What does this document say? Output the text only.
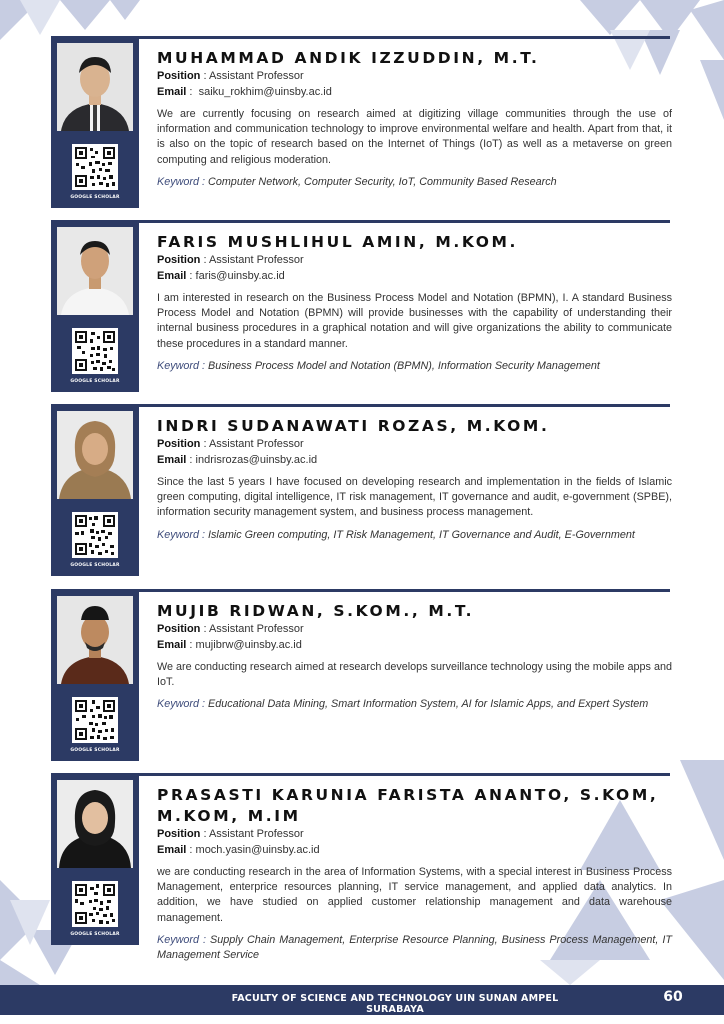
GOOGLE SCHOLAR
MUHAMMAD ANDIK IZZUDDIN, M.T.
Position : Assistant Professor
Email :  saiku_rokhim@uinsby.ac.id
We are currently focusing on research aimed at digitizing village communities through the use of information and communication technology to improve environmental welfare and health. Apart from that, it is also on the topic of research based on the Internet of Things (IoT) as well as a metaverse on green computing and religious moderation.
Keyword : Computer Network, Computer Security, IoT, Community Based Research
GOOGLE SCHOLAR
FARIS MUSHLIHUL AMIN, M.KOM.
Position : Assistant Professor
Email : faris@uinsby.ac.id
I am interested in research on the Business Process Model and Notation (BPMN), I. A standard Business Process Model and Notation (BPMN) will provide businesses with the capability of understanding their internal business procedures in a graphical notation and will give organizations the ability to communicate these procedures in a standard manner.
Keyword : Business Process Model and Notation (BPMN), Information Security Management
GOOGLE SCHOLAR
INDRI SUDANAWATI ROZAS, M.KOM.
Position : Assistant Professor
Email : indrisrozas@uinsby.ac.id
Since the last 5 years I have focused on developing research and implementation in the fields of Islamic green computing, digital intelligence, IT risk management, IT governance and audit, e-government (SPBE), information security management system, and business process management.
Keyword : Islamic Green computing, IT Risk Management, IT Governance and Audit, E-Government
GOOGLE SCHOLAR
MUJIB RIDWAN, S.KOM., M.T.
Position : Assistant Professor
Email : mujibrw@uinsby.ac.id
We are conducting research aimed at research develops surveillance technology using the mobile apps and IoT.
Keyword : Educational Data Mining, Smart Information System, AI for Islamic Apps, and Expert System
GOOGLE SCHOLAR
PRASASTI KARUNIA FARISTA ANANTO, S.KOM, M.KOM, M.IM
Position : Assistant Professor
Email : moch.yasin@uinsby.ac.id
we are conducting research in the area of Information Systems, with a special interest in Business Process Management, enterprice resources planning, IT service management, and applied data analytics. In addition, we have studied on applied customer relationship management and data warehouse management.
Keyword : Supply Chain Management, Enterprise Resource Planning, Business Process Management, IT Management Service
FACULTY OF SCIENCE AND TECHNOLOGY UIN SUNAN AMPEL SURABAYA
60
